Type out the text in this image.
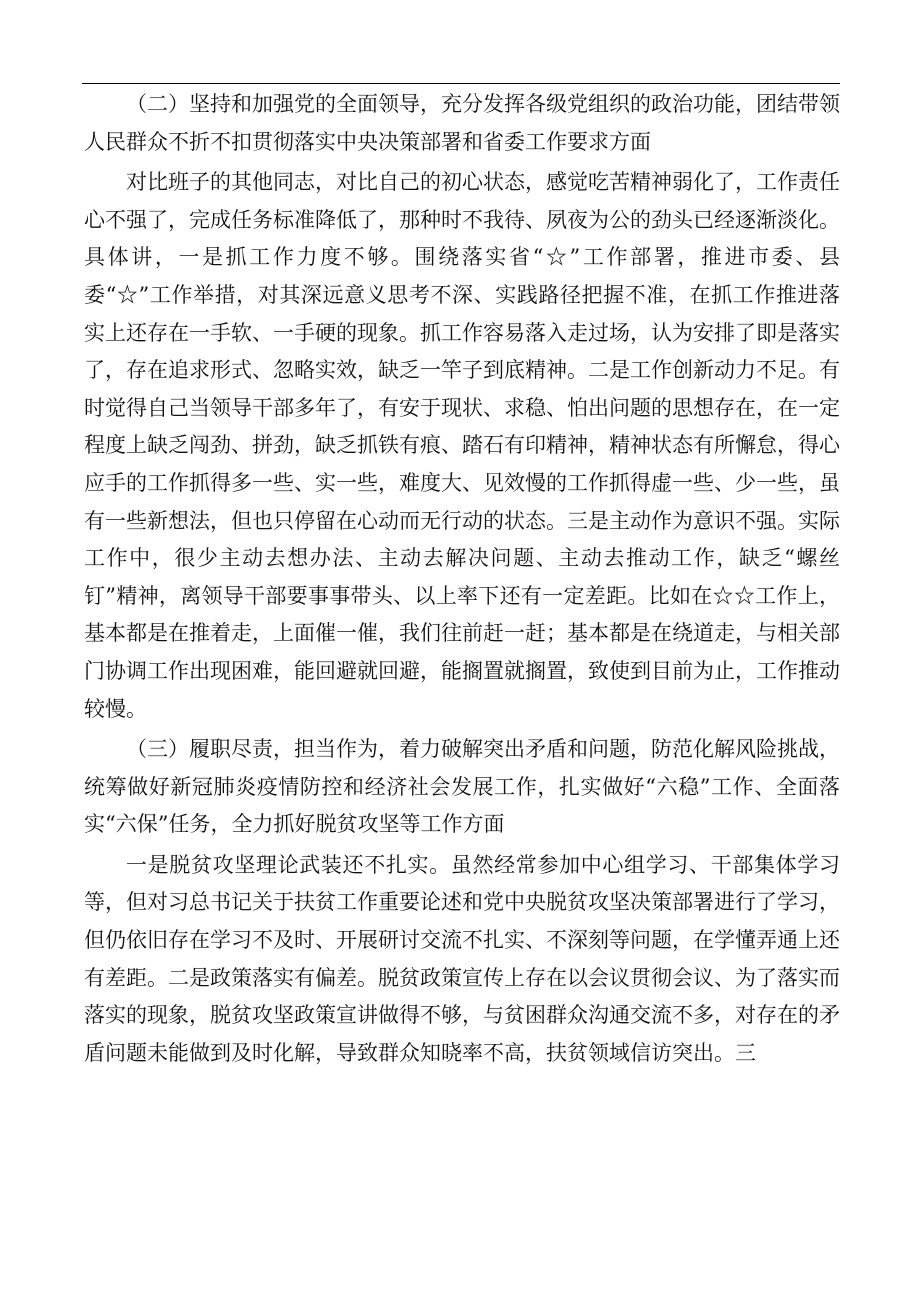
（二）坚持和加强党的全面领导，充分发挥各级党组织的政治功能，团结带领人民群众不折不扣贯彻落实中央决策部署和省委工作要求方面

对比班子的其他同志，对比自己的初心状态，感觉吃苦精神弱化了，工作责任心不强了，完成任务标准降低了，那种时不我待、夙夜为公的劲头已经逐渐淡化。具体讲，一是抓工作力度不够。围绕落实省“☆”工作部署，推进市委、县委“☆”工作举措，对其深远意义思考不深、实践路径把握不准，在抓工作推进落实上还存在一手软、一手硬的现象。抓工作容易落入走过场，认为安排了即是落实了，存在追求形式、忽略实效，缺乏一竿子到底精神。二是工作创新动力不足。有时觉得自己当领导干部多年了，有安于现状、求稳、怕出问题的思想存在，在一定程度上缺乏闯劲、拼劲，缺乏抓铁有痕、踏石有印精神，精神状态有所懈怠，得心应手的工作抓得多一些、实一些，难度大、见效慢的工作抓得虚一些、少一些，虽有一些新想法，但也只停留在心动而无行动的状态。三是主动作为意识不强。实际工作中，很少主动去想办法、主动去解决问题、主动去推动工作，缺乏“螺丝钉”精神，离领导干部要事事带头、以上率下还有一定差距。比如在☆☆工作上，基本都是在推着走，上面催一催，我们往前赶一赶；基本都是在绕道走，与相关部门协调工作出现困难，能回避就回避，能搁置就搁置，致使到目前为止，工作推动较慢。

（三）履职尽责，担当作为，着力破解突出矛盾和问题，防范化解风险挑战，统筹做好新冠肺炎疫情防控和经济社会发展工作，扎实做好“六稳”工作、全面落实“六保”任务，全力抓好脱贫攻坚等工作方面

一是脱贫攻坚理论武装还不扎实。虽然经常参加中心组学习、干部集体学习等，但对习总书记关于扶贫工作重要论述和党中央脱贫攻坚决策部署进行了学习，但仍依旧存在学习不及时、开展研讨交流不扎实、不深刻等问题，在学懂弄通上还有差距。二是政策落实有偏差。脱贫政策宣传上存在以会议贯彻会议、为了落实而落实的现象，脱贫攻坚政策宣讲做得不够，与贫困群众沟通交流不多，对存在的矛盾问题未能做到及时化解，导致群众知晓率不高，扶贫领域信访突出。三
